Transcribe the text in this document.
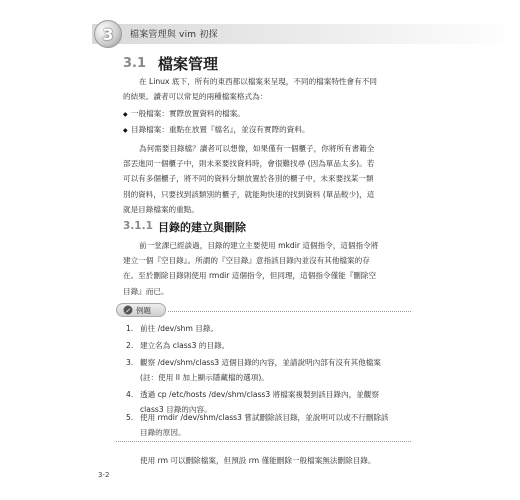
3 檔案管理與 vim 初探
3.1 檔案管理
在 Linux 底下，所有的東西都以檔案來呈現，不同的檔案特性會有不同
的結果。讀者可以常見的兩種檔案格式為：
◆ 一般檔案：實際放置資料的檔案。
◆ 目錄檔案：重點在放置『檔名』，並沒有實際的資料。
為何需要目錄檔？讀者可以想像，如果僅有一個櫃子，你將所有書籍全
部丟進同一個櫃子中，則未來要找資料時，會很難找尋 (因為單品太多)。若
可以有多個櫃子，將不同的資料分類放置於各別的櫃子中，未來要找某一類
別的資料，只要找到該類別的櫃子，就能夠快速的找到資料 (單品較少)，這
就是目錄檔案的重點。
3.1.1 目錄的建立與刪除
前一堂課已經談過，目錄的建立主要使用 mkdir 這個指令，這個指令將
建立一個『空目錄』。所謂的『空目錄』意指該目錄內並沒有其他檔案的存
在。至於刪除目錄則使用 rmdir 這個指令，但同理，這個指令僅能『刪除空
目錄』而已。
例題
1. 前往 /dev/shm 目錄。
2. 建立名為 class3 的目錄。
3. 觀察 /dev/shm/class3 這個目錄的內容，並請說明內部有沒有其他檔案
(註：使用 ll 加上顯示隱藏檔的選項)。
4. 透過 cp /etc/hosts /dev/shm/class3 將檔案複製到該目錄內，並觀察
class3 目錄的內容。
5. 使用 rmdir /dev/shm/class3 嘗試刪除該目錄，並說明可以或不行刪除該
目錄的原因。
使用 rm 可以刪除檔案，但預設 rm 僅能刪除一般檔案無法刪除目錄。
3-2
